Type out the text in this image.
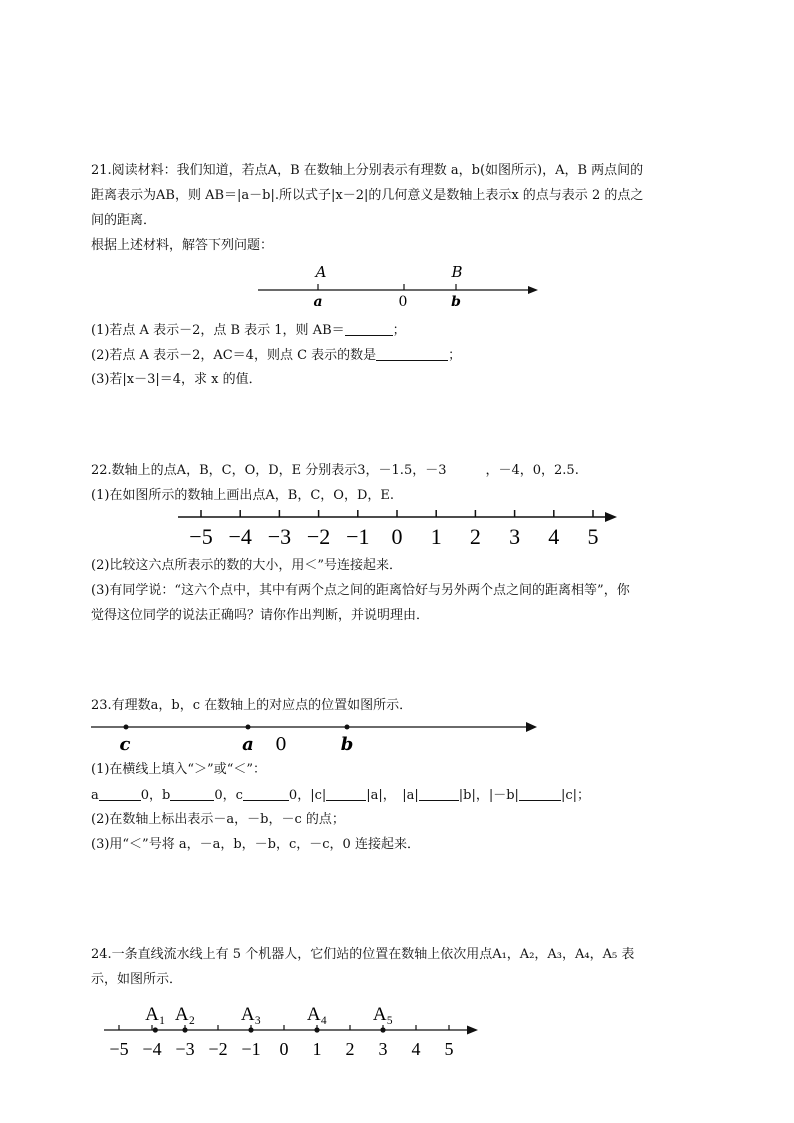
21.阅读材料：我们知道，若点A，B 在数轴上分别表示有理数 a，b(如图所示)，A，B 两点间的
距离表示为AB，则 AB＝|a－b|.所以式子|x－2|的几何意义是数轴上表示x 的点与表示 2 的点之
间的距离．
根据上述材料，解答下列问题：
A	B
a	0	b
(1)若点 A 表示－2，点 B 表示 1，则 AB＝	；
(2)若点 A 表示－2，AC＝4，则点 C 表示的数是	；
(3)若|x－3|＝4，求 x 的值．
22.数轴上的点A，B，C，O，D，E 分别表示3，－1.5，－3　　　，－4，0，2.5.
(1)在如图所示的数轴上画出点A，B，C，O，D，E.
−5 −4 −3 −2 −1 0 1 2 3 4 5
(2)比较这六点所表示的数的大小，用＜”号连接起来．
(3)有同学说：“这六个点中，其中有两个点之间的距离恰好与另外两个点之间的距离相等”，你
觉得这位同学的说法正确吗？请你作出判断，并说明理由．
23.有理数a，b，c 在数轴上的对应点的位置如图所示．
c	a 0	b
(1)在横线上填入“＞”或“＜”：
a	0，b	0，c	0，|c|	|a|，　|a|	|b|，|－b|	|c|；
(2)在数轴上标出表示－a，－b，－c 的点；
(3)用“＜”号将 a，－a，b，－b，c，－c，0 连接起来．
24.一条直线流水线上有 5 个机器人，它们站的位置在数轴上依次用点A₁，A₂，A₃，A₄，A₅ 表
示，如图所示．
−5 −4 −3 −2 −1 0 1 2 3 4 5
A₁ A₂ A₃ A₄ A₅
